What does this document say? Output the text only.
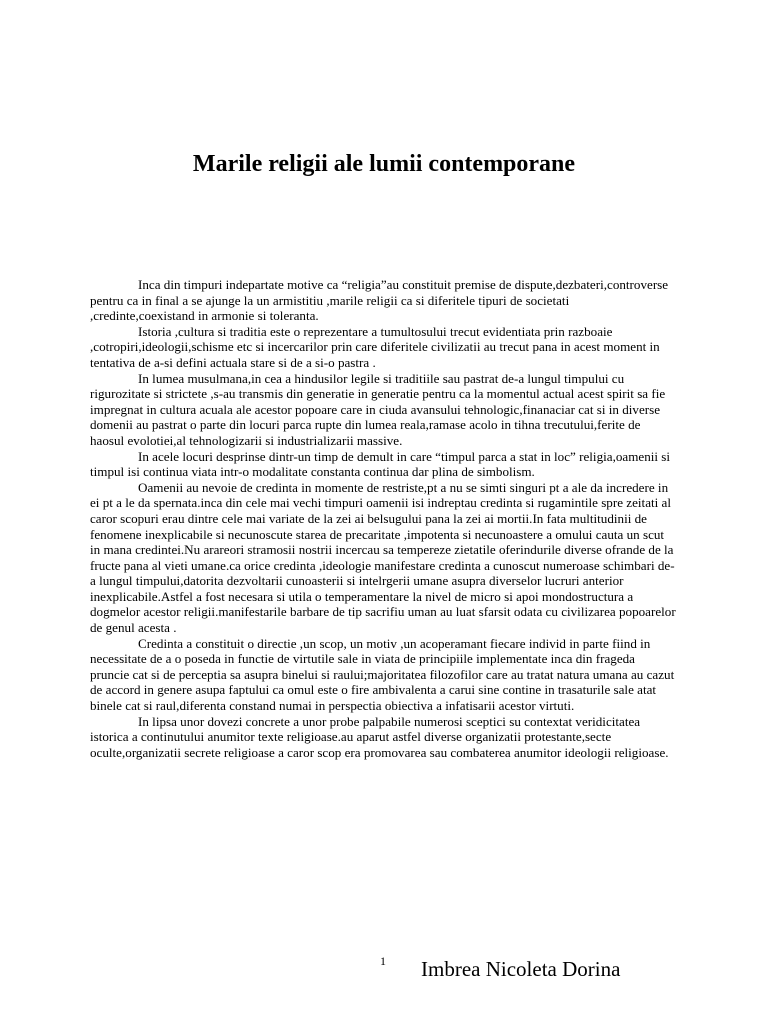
Marile religii ale lumii contemporane

Inca din timpuri indepartate motive ca “religia”au constituit premise de dispute,dezbateri,controverse pentru ca in final a se ajunge la un armistitiu ,marile religii ca si diferitele tipuri de societati ,credinte,coexistand in armonie si toleranta.

Istoria ,cultura si traditia este o reprezentare a tumultosului trecut evidentiata prin razboaie ,cotropiri,ideologii,schisme etc si incercarilor prin care diferitele civilizatii au trecut pana in acest moment in tentativa de a-si defini actuala stare si de a si-o pastra .

In lumea musulmana,in cea a hindusilor legile si traditiile sau pastrat de-a lungul timpului cu rigurozitate si strictete ,s-au transmis din generatie in generatie pentru ca la momentul actual acest spirit sa fie impregnat in cultura acuala ale acestor popoare care in ciuda avansului tehnologic,finanaciar cat si in diverse domenii au pastrat o parte din locuri parca rupte din lumea reala,ramase acolo in tihna trecutului,ferite de haosul evolotiei,al tehnologizarii si industrializarii massive.

In acele locuri desprinse dintr-un timp de demult in care “timpul parca a stat in loc” religia,oamenii si timpul isi continua viata intr-o modalitate constanta continua dar plina de simbolism.

Oamenii au nevoie de credinta in momente de restriste,pt a nu se simti singuri pt a ale da incredere in ei pt a le da spernata.inca din cele mai vechi timpuri oamenii isi indreptau credinta si rugamintile spre zeitati al caror scopuri erau dintre cele mai variate de la zei ai belsugului pana la zei ai mortii.In fata multitudinii de fenomene inexplicabile si necunoscute starea de precaritate ,impotenta si necunoastere a omului cauta un scut in mana credintei.Nu arareori stramosii nostrii incercau sa tempereze zietatile oferindurile diverse ofrande de la fructe pana al vieti umane.ca orice credinta ,ideologie manifestare credinta a cunoscut numeroase schimbari de-a lungul timpului,datorita dezvoltarii cunoasterii si intelrgerii umane asupra diverselor lucruri anterior inexplicabile.Astfel a fost necesara si utila o temperamentare la nivel de micro si apoi mondostructura a dogmelor acestor religii.manifestarile barbare de tip sacrifiu uman au luat sfarsit odata cu civilizarea popoarelor de genul acesta .

Credinta a constituit o directie ,un scop, un motiv ,un acoperamant fiecare individ in parte fiind in necessitate de a o poseda in functie de virtutile sale in viata de principiile implementate inca din fragedа pruncie cat si de perceptia sa asupra binelui si raului;majoritatea filozofilor care au tratat natura umana au cazut de accord in genere asupa faptului ca omul este o fire ambivalenta a carui sine contine in trasaturile sale atat binele cat si raul,diferenta constand numai in perspectia obiectiva a infatisarii acestor virtuti.

In lipsa unor dovezi concrete a unor probe palpabile numerosi sceptici su contextat veridicitatea istorica a continutului anumitor texte religioase.au aparut astfel diverse organizatii protestante,secte oculte,organizatii secrete religioase a caror scop era promovarea sau combaterea anumitor ideologii religioase.

1 Imbrea Nicoleta Dorina
